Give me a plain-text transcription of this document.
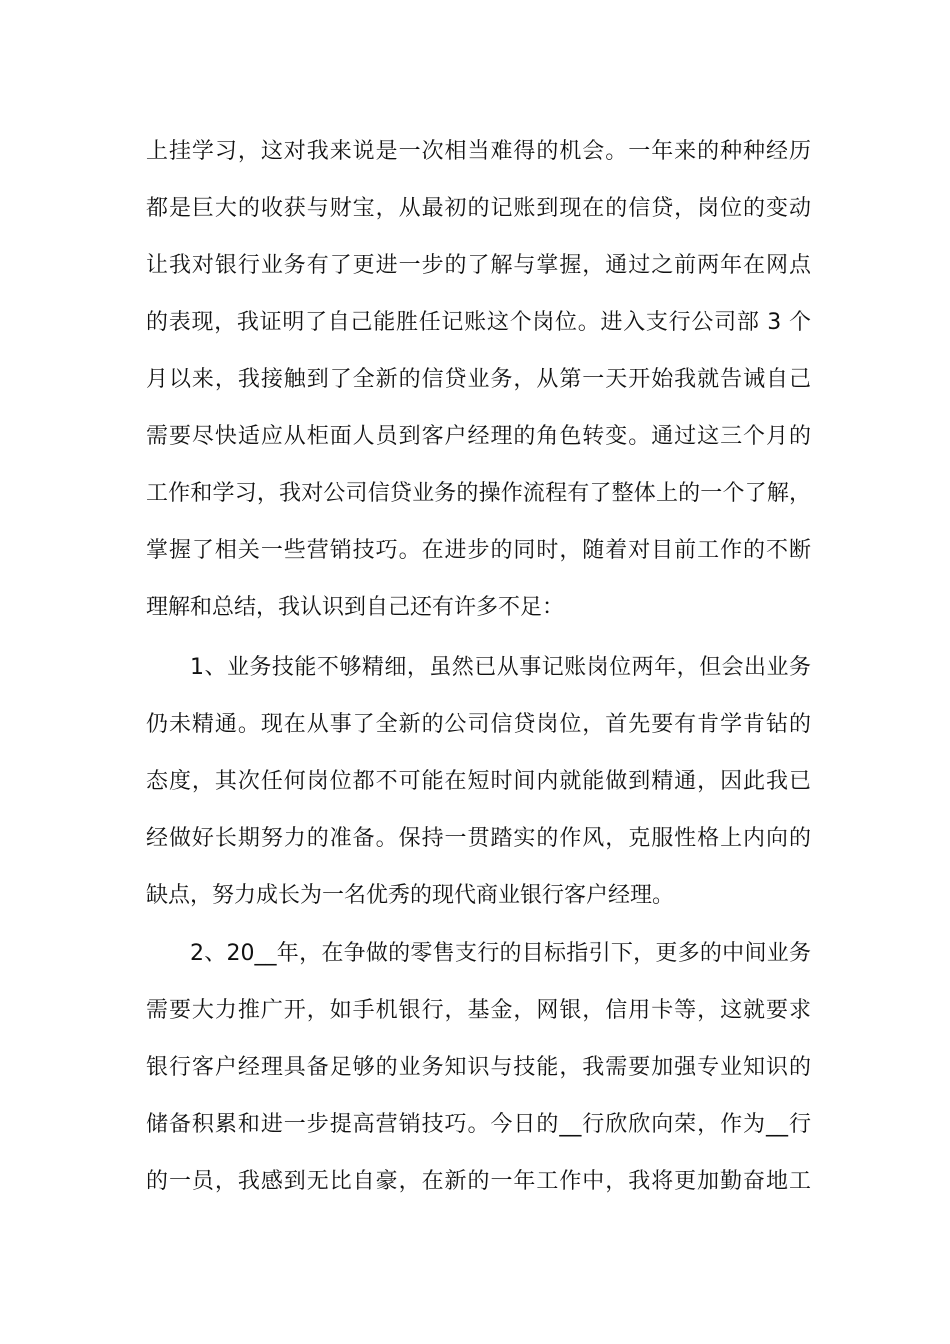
上挂学习，这对我来说是一次相当难得的机会。一年来的种种经历
都是巨大的收获与财宝，从最初的记账到现在的信贷，岗位的变动
让我对银行业务有了更进一步的了解与掌握，通过之前两年在网点
的表现，我证明了自己能胜任记账这个岗位。进入支行公司部 3 个
月以来，我接触到了全新的信贷业务，从第一天开始我就告诫自己
需要尽快适应从柜面人员到客户经理的角色转变。通过这三个月的
工作和学习，我对公司信贷业务的操作流程有了整体上的一个了解，
掌握了相关一些营销技巧。在进步的同时，随着对目前工作的不断
理解和总结，我认识到自己还有许多不足：
1、业务技能不够精细，虽然已从事记账岗位两年，但会出业务
仍未精通。现在从事了全新的公司信贷岗位，首先要有肯学肯钻的
态度，其次任何岗位都不可能在短时间内就能做到精通，因此我已
经做好长期努力的准备。保持一贯踏实的作风，克服性格上内向的
缺点，努力成长为一名优秀的现代商业银行客户经理。
2、20__年，在争做的零售支行的目标指引下，更多的中间业务
需要大力推广开，如手机银行，基金，网银，信用卡等，这就要求
银行客户经理具备足够的业务知识与技能，我需要加强专业知识的
储备积累和进一步提高营销技巧。今日的__行欣欣向荣，作为__行
的一员，我感到无比自豪，在新的一年工作中，我将更加勤奋地工
